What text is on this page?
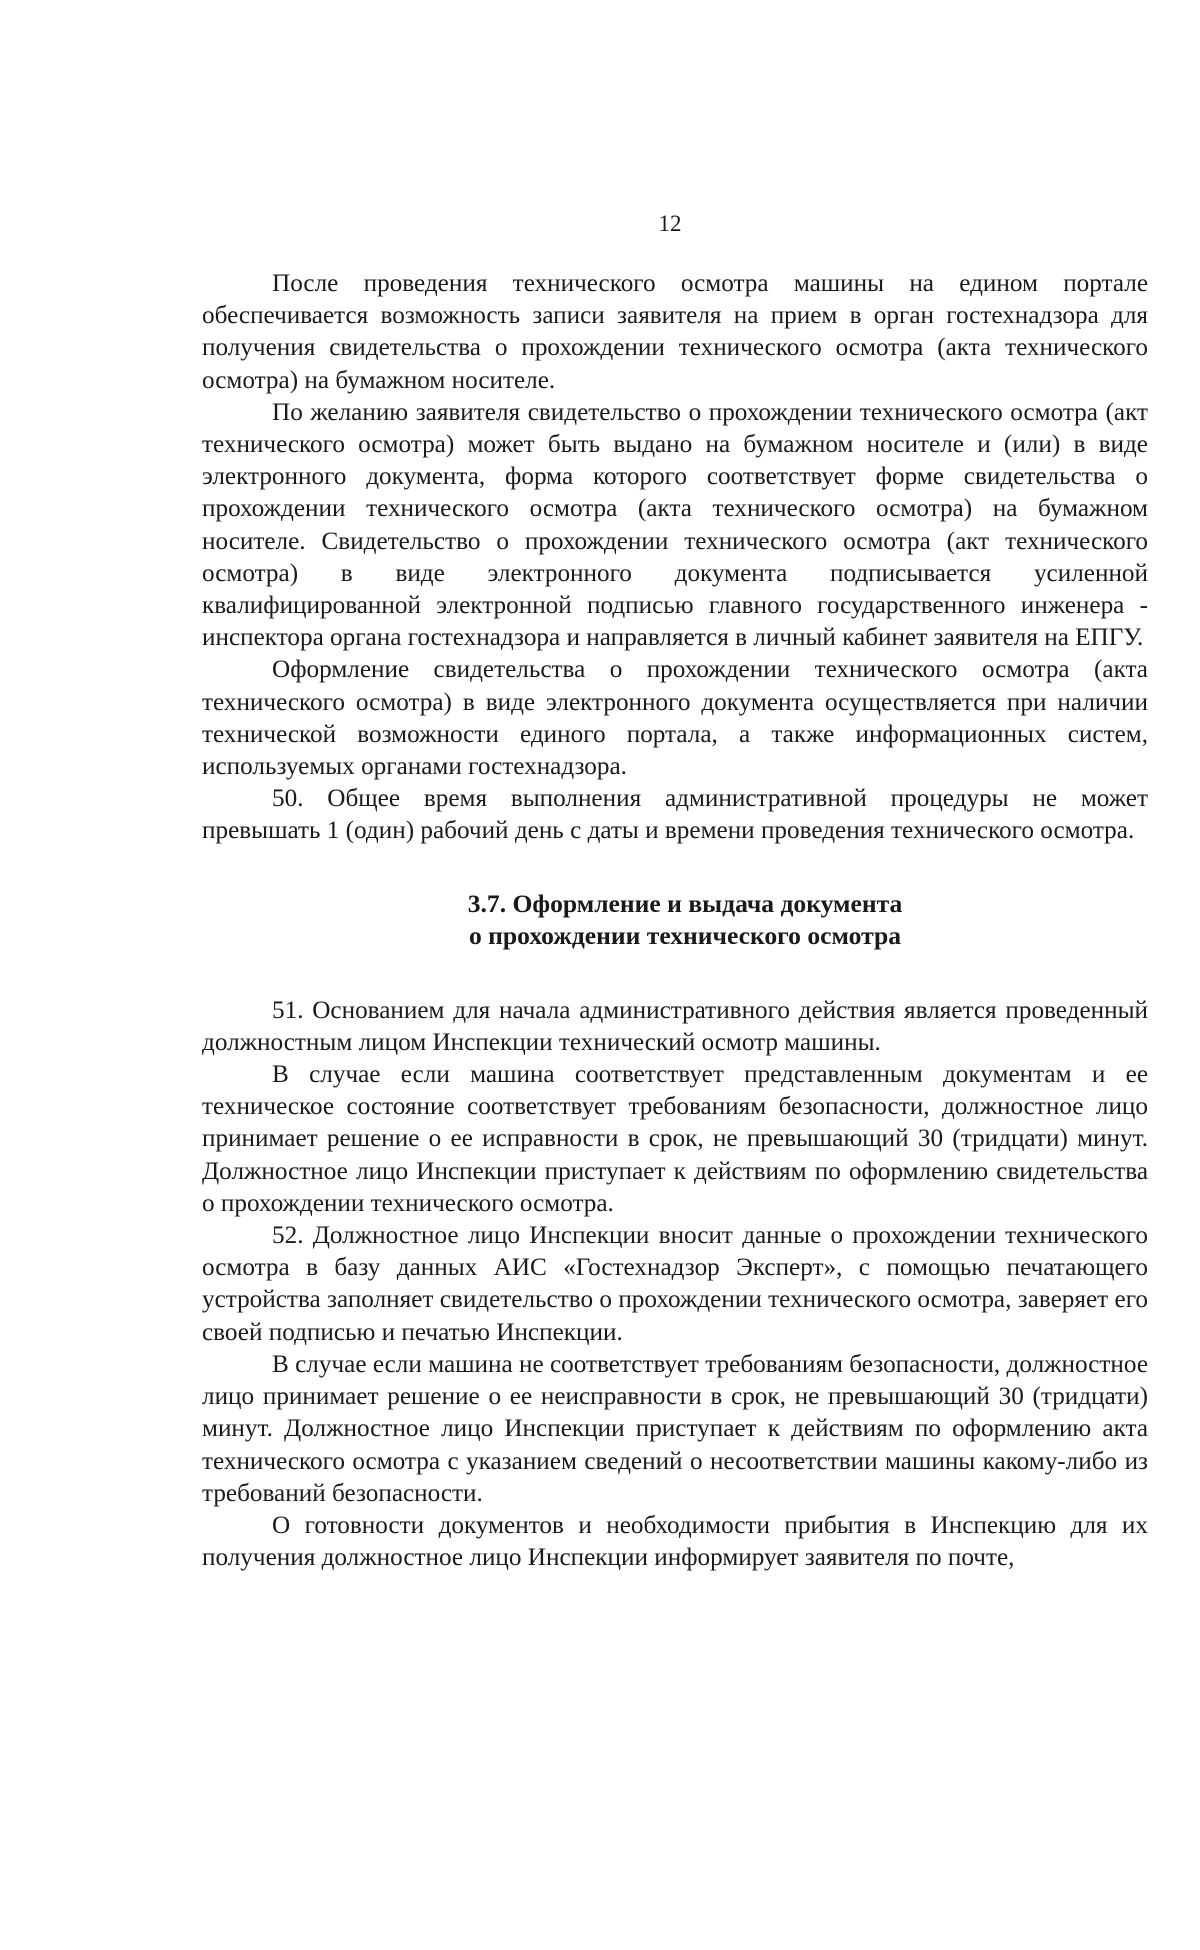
12

После проведения технического осмотра машины на едином портале обеспечивается возможность записи заявителя на прием в орган гостехнадзора для получения свидетельства о прохождении технического осмотра (акта технического осмотра) на бумажном носителе.

По желанию заявителя свидетельство о прохождении технического осмотра (акт технического осмотра) может быть выдано на бумажном носителе и (или) в виде электронного документа, форма которого соответствует форме свидетельства о прохождении технического осмотра (акта технического осмотра) на бумажном носителе. Свидетельство о прохождении технического осмотра (акт технического осмотра) в виде электронного документа подписывается усиленной квалифицированной электронной подписью главного государственного инженера - инспектора органа гостехнадзора и направляется в личный кабинет заявителя на ЕПГУ.

Оформление свидетельства о прохождении технического осмотра (акта технического осмотра) в виде электронного документа осуществляется при наличии технической возможности единого портала, а также информационных систем, используемых органами гостехнадзора.

50. Общее время выполнения административной процедуры не может превышать 1 (один) рабочий день с даты и времени проведения технического осмотра.

3.7. Оформление и выдача документа
о прохождении технического осмотра

51. Основанием для начала административного действия является проведенный должностным лицом Инспекции технический осмотр машины.

В случае если машина соответствует представленным документам и ее техническое состояние соответствует требованиям безопасности, должностное лицо принимает решение о ее исправности в срок, не превышающий 30 (тридцати) минут. Должностное лицо Инспекции приступает к действиям по оформлению свидетельства о прохождении технического осмотра.

52. Должностное лицо Инспекции вносит данные о прохождении технического осмотра в базу данных АИС «Гостехнадзор Эксперт», с помощью печатающего устройства заполняет свидетельство о прохождении технического осмотра, заверяет его своей подписью и печатью Инспекции.

В случае если машина не соответствует требованиям безопасности, должностное лицо принимает решение о ее неисправности в срок, не превышающий 30 (тридцати) минут. Должностное лицо Инспекции приступает к действиям по оформлению акта технического осмотра с указанием сведений о несоответствии машины какому-либо из требований безопасности.

О готовности документов и необходимости прибытия в Инспекцию для их получения должностное лицо Инспекции информирует заявителя по почте,
